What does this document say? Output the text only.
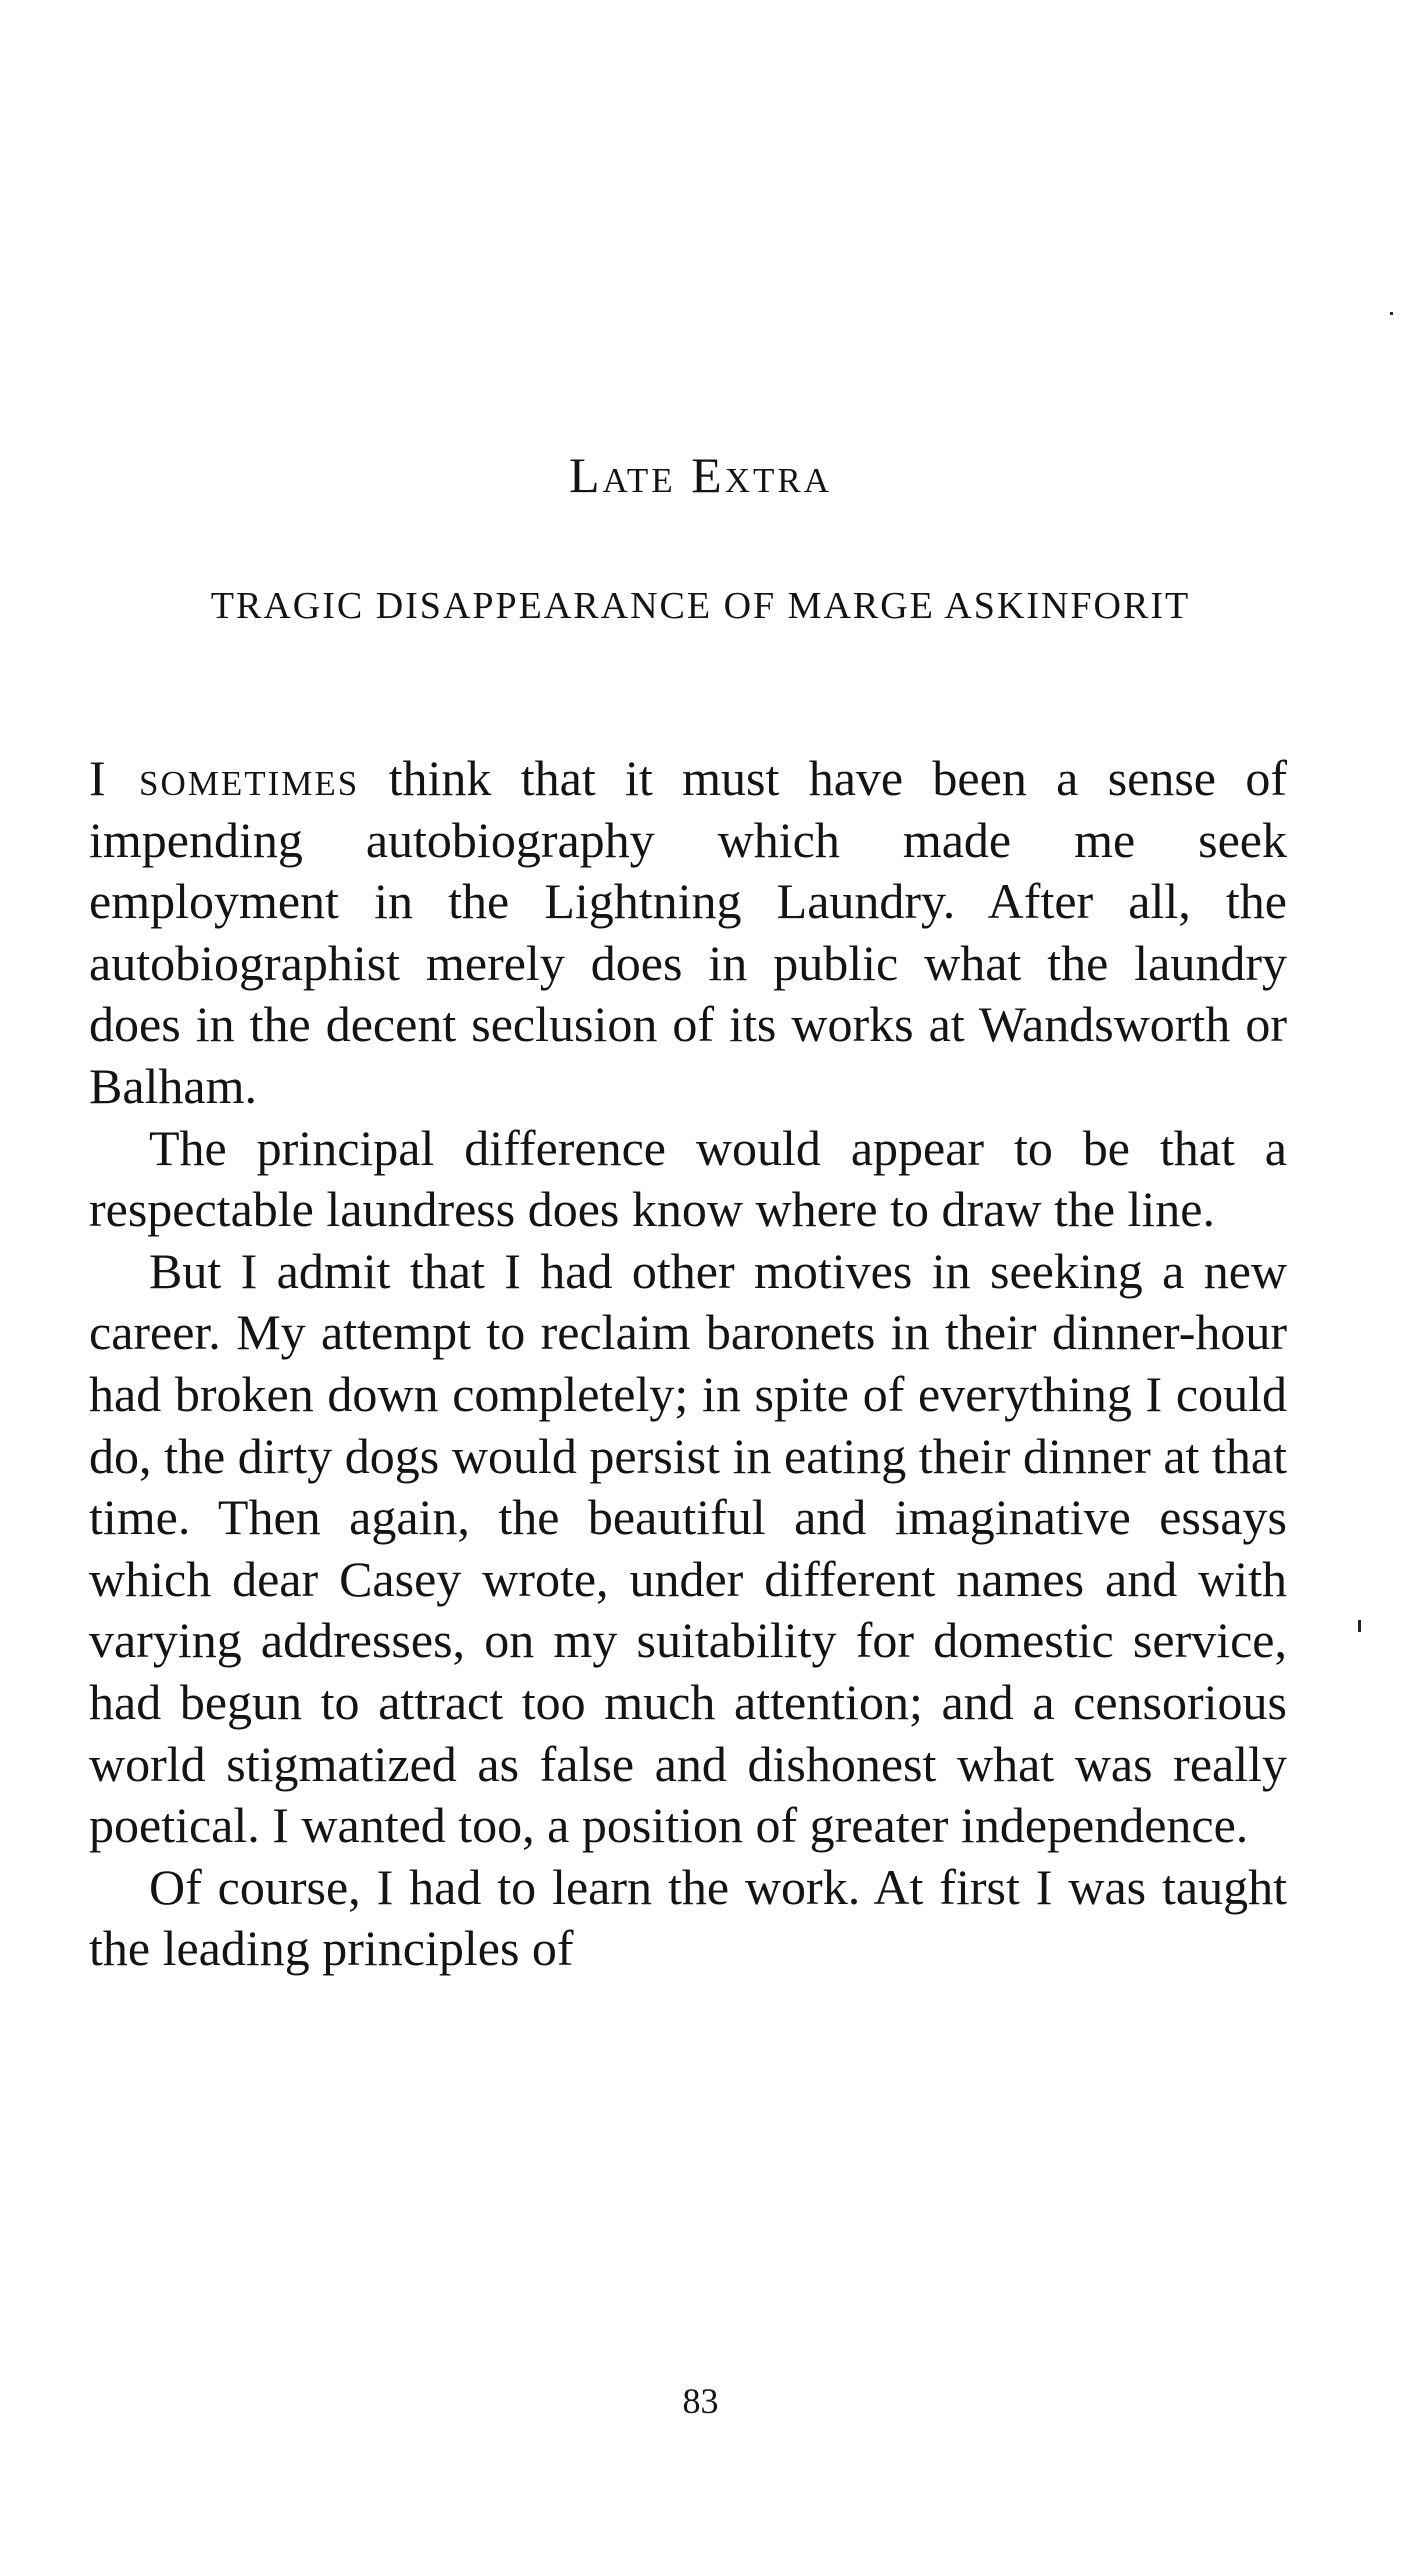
Late Extra
TRAGIC DISAPPEARANCE OF MARGE ASKINFORIT

I sometimes think that it must have been a sense of impending autobiography which made me seek employment in the Lightning Laundry. After all, the autobiographist merely does in public what the laundry does in the decent seclusion of its works at Wandsworth or Balham.

The principal difference would appear to be that a respectable laundress does know where to draw the line.

But I admit that I had other motives in seeking a new career. My attempt to reclaim baronets in their dinner-hour had broken down completely; in spite of everything I could do, the dirty dogs would persist in eating their dinner at that time. Then again, the beautiful and imaginative essays which dear Casey wrote, under different names and with varying addresses, on my suitability for domestic service, had begun to attract too much attention; and a censorious world stigmatized as false and dishonest what was really poetical. I wanted too, a position of greater independence.

Of course, I had to learn the work. At first I was taught the leading principles of

83
